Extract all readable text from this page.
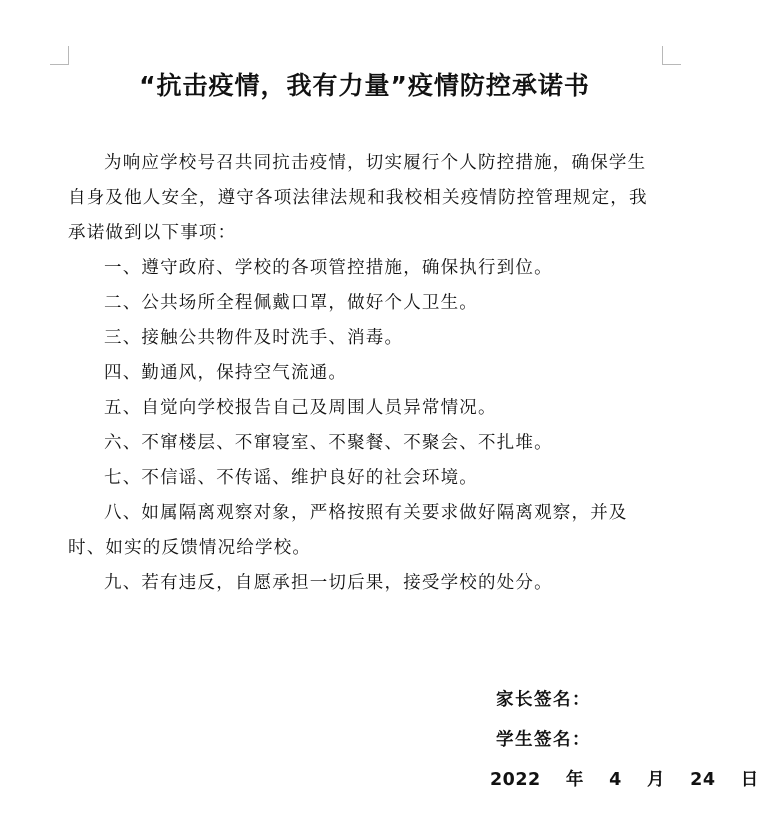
“抗击疫情，我有力量”疫情防控承诺书

为响应学校号召共同抗击疫情，切实履行个人防控措施，确保学生自身及他人安全，遵守各项法律法规和我校相关疫情防控管理规定，我承诺做到以下事项：

一、遵守政府、学校的各项管控措施，确保执行到位。

二、公共场所全程佩戴口罩，做好个人卫生。

三、接触公共物件及时洗手、消毒。

四、勤通风，保持空气流通。

五、自觉向学校报告自己及周围人员异常情况。

六、不窜楼层、不窜寝室、不聚餐、不聚会、不扎堆。

七、不信谣、不传谣、维护良好的社会环境。

八、如属隔离观察对象，严格按照有关要求做好隔离观察，并及时、如实的反馈情况给学校。

九、若有违反，自愿承担一切后果，接受学校的处分。

家长签名：
学生签名：
2022 年 4 月 24 日
